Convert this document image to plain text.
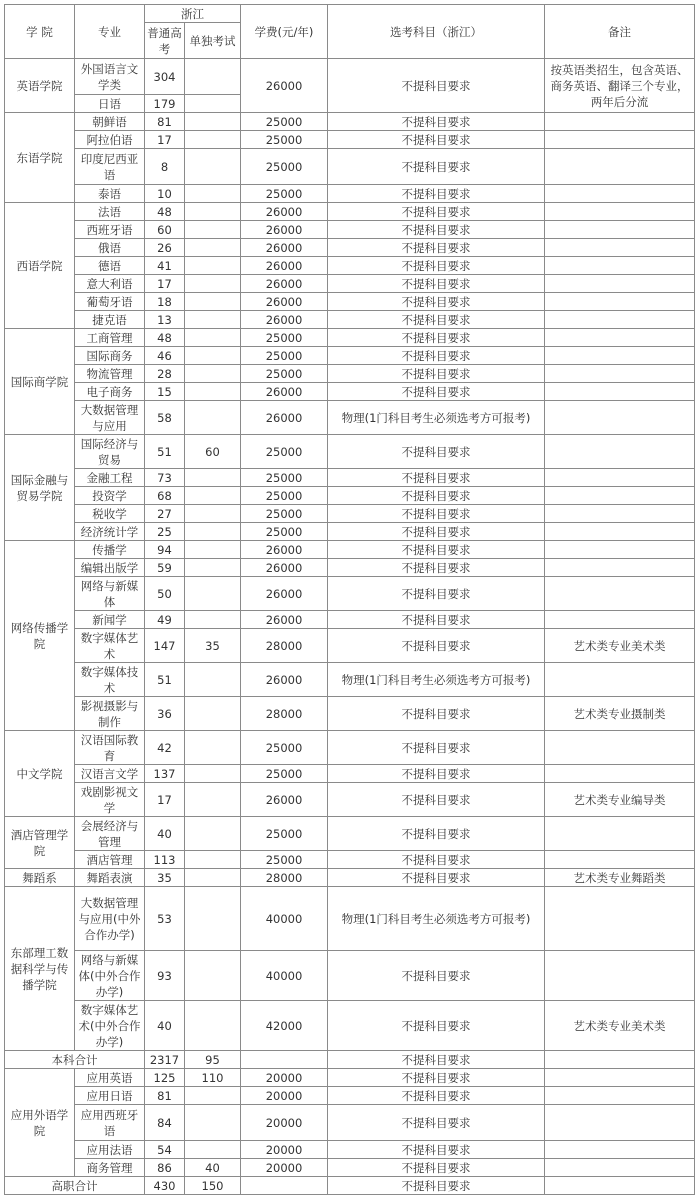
学 院	专业	浙江		学费(元/年)	选考科目（浙江）	备注
		普通高考	单独考试			
英语学院	外国语言文学类	304		26000	不提科目要求	按英语类招生，包含英语、商务英语、翻译三个专业，两年后分流
	日语	179				
东语学院	朝鲜语	81		25000	不提科目要求	
	阿拉伯语	17		25000	不提科目要求	
	印度尼西亚语	8		25000	不提科目要求	
	泰语	10		25000	不提科目要求	
西语学院	法语	48		26000	不提科目要求	
	西班牙语	60		26000	不提科目要求	
	俄语	26		26000	不提科目要求	
	德语	41		26000	不提科目要求	
	意大利语	17		26000	不提科目要求	
	葡萄牙语	18		26000	不提科目要求	
	捷克语	13		26000	不提科目要求	
国际商学院	工商管理	48		25000	不提科目要求	
	国际商务	46		25000	不提科目要求	
	物流管理	28		25000	不提科目要求	
	电子商务	15		26000	不提科目要求	
	大数据管理与应用	58		26000	物理(1门科目考生必须选考方可报考)	
国际金融与贸易学院	国际经济与贸易	51	60	25000	不提科目要求	
	金融工程	73		25000	不提科目要求	
	投资学	68		25000	不提科目要求	
	税收学	27		25000	不提科目要求	
	经济统计学	25		25000	不提科目要求	
网络传播学院	传播学	94		26000	不提科目要求	
	编辑出版学	59		26000	不提科目要求	
	网络与新媒体	50		26000	不提科目要求	
	新闻学	49		26000	不提科目要求	
	数字媒体艺术	147	35	28000	不提科目要求	艺术类专业美术类
	数字媒体技术	51		26000	物理(1门科目考生必须选考方可报考)	
	影视摄影与制作	36		28000	不提科目要求	艺术类专业摄制类
中文学院	汉语国际教育	42		25000	不提科目要求	
	汉语言文学	137		25000	不提科目要求	
	戏剧影视文学	17		26000	不提科目要求	艺术类专业编导类
酒店管理学院	会展经济与管理	40		25000	不提科目要求	
	酒店管理	113		25000	不提科目要求	
舞蹈系	舞蹈表演	35		28000	不提科目要求	艺术类专业舞蹈类
东部理工数据科学与传播学院	大数据管理与应用(中外合作办学)	53		40000	物理(1门科目考生必须选考方可报考)	
	网络与新媒体(中外合作办学)	93		40000	不提科目要求	
	数字媒体艺术(中外合作办学)	40		42000	不提科目要求	艺术类专业美术类
本科合计		2317	95		不提科目要求	
应用外语学院	应用英语	125	110	20000	不提科目要求	
	应用日语	81		20000	不提科目要求	
	应用西班牙语	84		20000	不提科目要求	
	应用法语	54		20000	不提科目要求	
	商务管理	86	40	20000	不提科目要求	
高职合计		430	150		不提科目要求	
